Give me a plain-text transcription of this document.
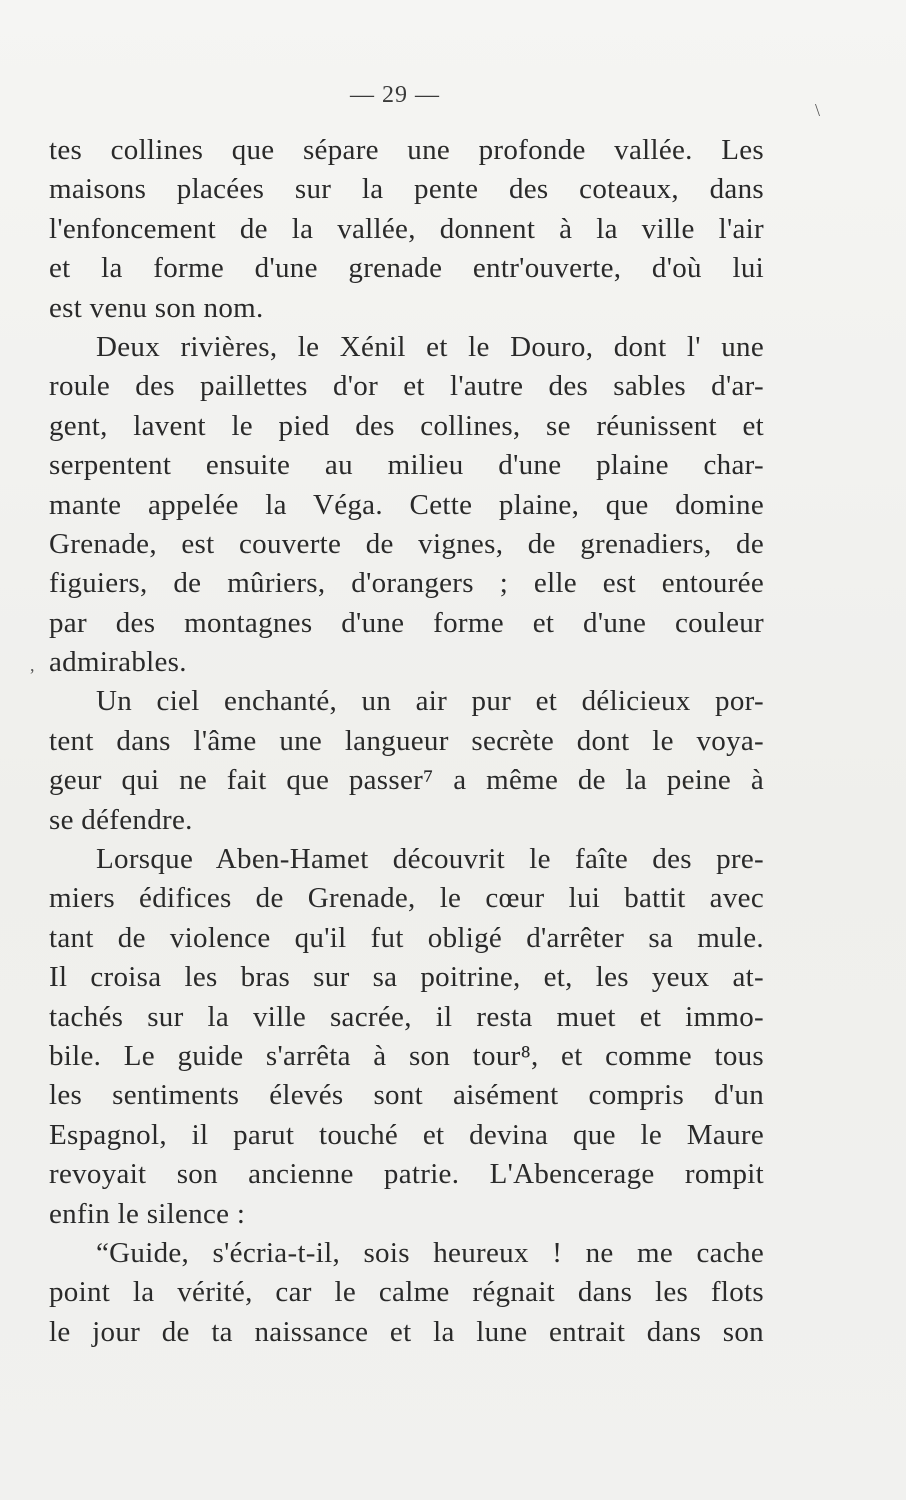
— 29 —
\
,
tes collines que sépare une profonde vallée. Les
maisons placées sur la pente des coteaux, dans
l'enfoncement de la vallée, donnent à la ville l'air
et la forme d'une grenade entr'ouverte, d'où lui
est venu son nom.
Deux rivières, le Xénil et le Douro, dont l' une
roule des paillettes d'or et l'autre des sables d'ar-
gent, lavent le pied des collines, se réunissent et
serpentent ensuite au milieu d'une plaine char-
mante appelée la Véga. Cette plaine, que domine
Grenade, est couverte de vignes, de grenadiers, de
figuiers, de mûriers, d'orangers ; elle est entourée
par des montagnes d'une forme et d'une couleur
admirables.
Un ciel enchanté, un air pur et délicieux por-
tent dans l'âme une langueur secrète dont le voya-
geur qui ne fait que passer⁷ a même de la peine à
se défendre.
Lorsque Aben-Hamet découvrit le faîte des pre-
miers édifices de Grenade, le cœur lui battit avec
tant de violence qu'il fut obligé d'arrêter sa mule.
Il croisa les bras sur sa poitrine, et, les yeux at-
tachés sur la ville sacrée, il resta muet et immo-
bile. Le guide s'arrêta à son tour⁸, et comme tous
les sentiments élevés sont aisément compris d'un
Espagnol, il parut touché et devina que le Maure
revoyait son ancienne patrie. L'Abencerage rompit
enfin le silence :
“Guide, s'écria-t-il, sois heureux ! ne me cache
point la vérité, car le calme régnait dans les flots
le jour de ta naissance et la lune entrait dans son
